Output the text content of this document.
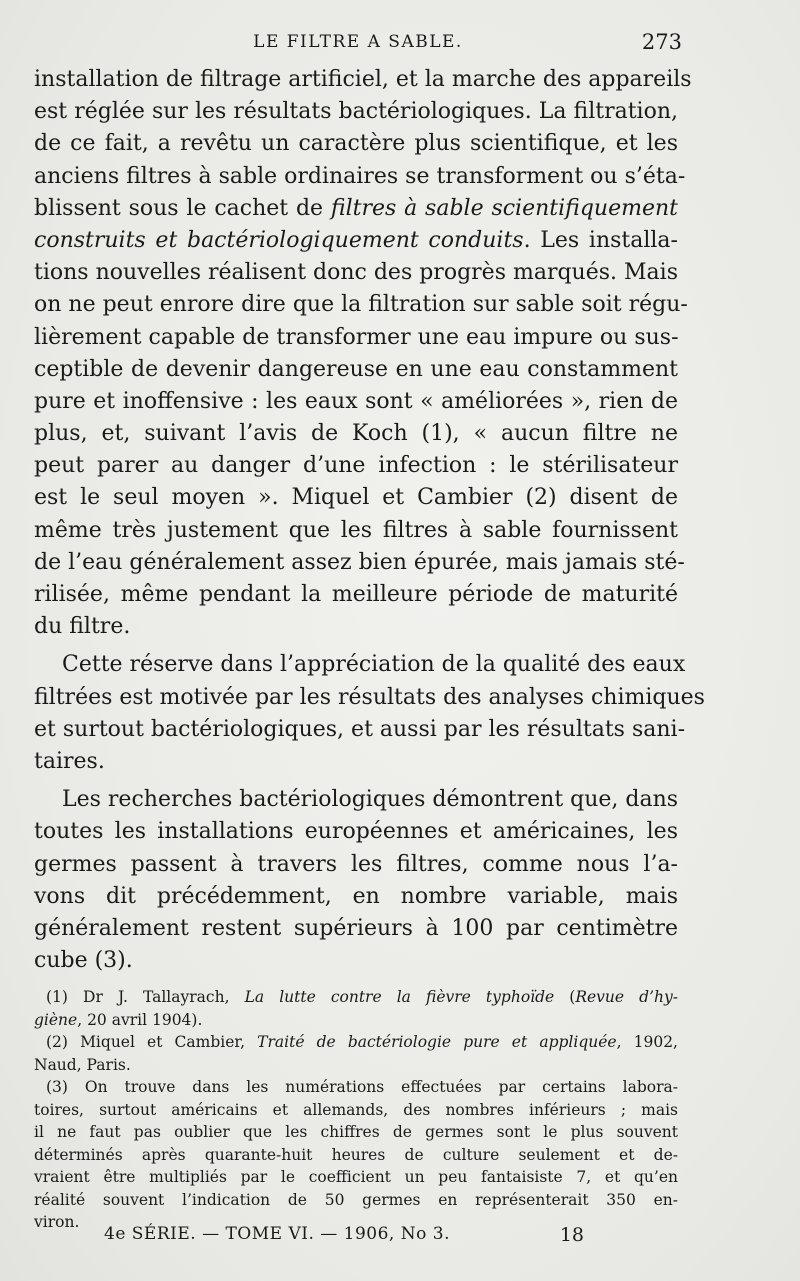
LE FILTRE A SABLE.	273
installation de filtrage artificiel, et la marche des appareils
est réglée sur les résultats bactériologiques. La filtration,
de ce fait, a revêtu un caractère plus scientifique, et les
anciens filtres à sable ordinaires se transforment ou s’éta-
blissent sous le cachet de filtres à sable scientifiquement
construits et bactériologiquement conduits. Les installa-
tions nouvelles réalisent donc des progrès marqués. Mais
on ne peut enrore dire que la filtration sur sable soit régu-
lièrement capable de transformer une eau impure ou sus-
ceptible de devenir dangereuse en une eau constamment
pure et inoffensive : les eaux sont « améliorées », rien de
plus, et, suivant l’avis de Koch (1), « aucun filtre ne
peut parer au danger d’une infection : le stérilisateur
est le seul moyen ». Miquel et Cambier (2) disent de
même très justement que les filtres à sable fournissent
de l’eau généralement assez bien épurée, mais jamais sté-
rilisée, même pendant la meilleure période de maturité
du filtre.
Cette réserve dans l’appréciation de la qualité des eaux
filtrées est motivée par les résultats des analyses chimiques
et surtout bactériologiques, et aussi par les résultats sani-
taires.
Les recherches bactériologiques démontrent que, dans
toutes les installations européennes et américaines, les
germes passent à travers les filtres, comme nous l’a-
vons dit précédemment, en nombre variable, mais
généralement restent supérieurs à 100 par centimètre
cube (3).
(1) Dr J. Tallayrach, La lutte contre la fièvre typhoïde (Revue d’hy-
giène, 20 avril 1904).
(2) Miquel et Cambier, Traité de bactériologie pure et appliquée, 1902,
Naud, Paris.
(3) On trouve dans les numérations effectuées par certains labora-
toires, surtout américains et allemands, des nombres inférieurs ; mais
il ne faut pas oublier que les chiffres de germes sont le plus souvent
déterminés après quarante-huit heures de culture seulement et de-
vraient être multipliés par le coefficient un peu fantaisiste 7, et qu’en
réalité souvent l’indication de 50 germes en représenterait 350 en-
viron.
4e SÉRIE. — TOME VI. — 1906, No 3.	18
